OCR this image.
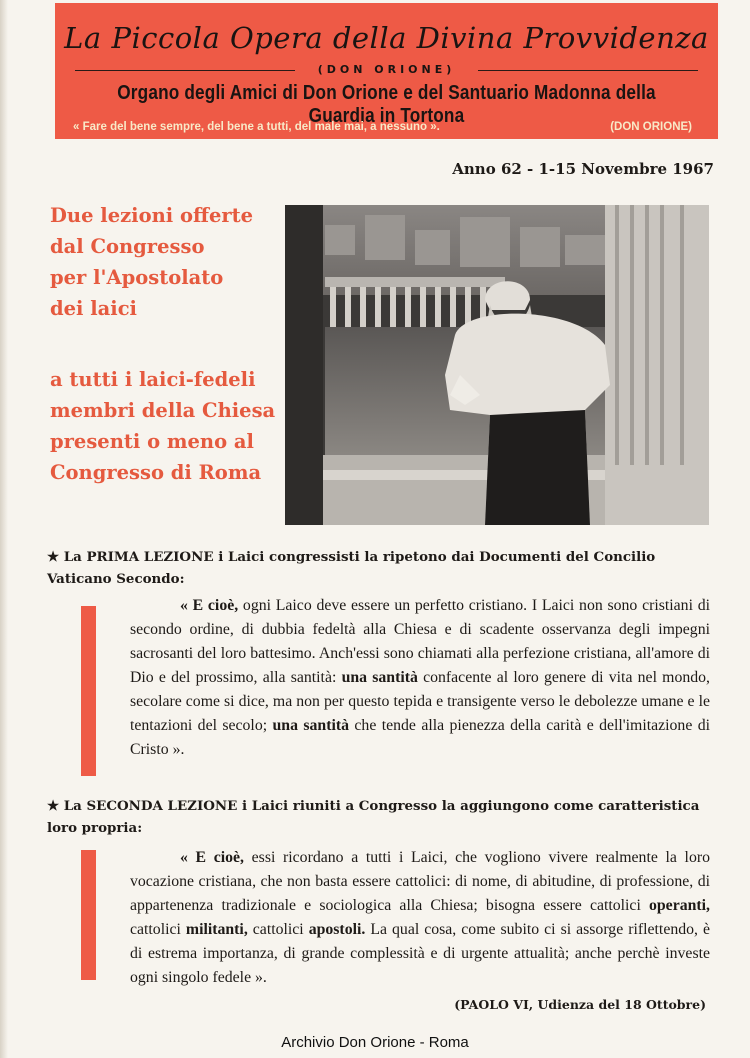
La Piccola Opera della Divina Provvidenza
(DON ORIONE)
Organo degli Amici di Don Orione e del Santuario Madonna della Guardia in Tortona
« Fare del bene sempre, del bene a tutti, del male mai, a nessuno ».	(DON ORIONE)
Anno 62 - 1-15 Novembre 1967

Due lezioni offerte

dal Congresso

per l'Apostolato

dei laici

a tutti i laici-fedeli

membri della Chiesa

presenti o meno al

Congresso di Roma

★ La PRIMA LEZIONE i Laici congressisti la ripetono dai Documenti del Concilio Vaticano Secondo:
« E cioè, ogni Laico deve essere un perfetto cristiano. I Laici non sono cristiani di secondo ordine, di dubbia fedeltà alla Chiesa e di scadente osservanza degli impegni sacrosanti del loro battesimo. Anch'essi sono chiamati alla perfezione cristiana, all'amore di Dio e del prossimo, alla santità: una santità confacente al loro genere di vita nel mondo, secolare come si dice, ma non per questo tepida e transigente verso le debolezze umane e le tentazioni del secolo; una santità che tende alla pienezza della carità e dell'imitazione di Cristo ».
★ La SECONDA LEZIONE i Laici riuniti a Congresso la aggiungono come caratteristica loro propria:
« E cioè, essi ricordano a tutti i Laici, che vogliono vivere realmente la loro vocazione cristiana, che non basta essere cattolici: di nome, di abitudine, di professione, di appartenenza tradizionale e sociologica alla Chiesa; bisogna essere cattolici operanti, cattolici militanti, cattolici apostoli. La qual cosa, come subito ci si assorge riflettendo, è di estrema importanza, di grande complessità e di urgente attualità; anche perchè investe ogni singolo fedele ».
(PAOLO VI, Udienza del 18 Ottobre)
Archivio Don Orione - Roma
